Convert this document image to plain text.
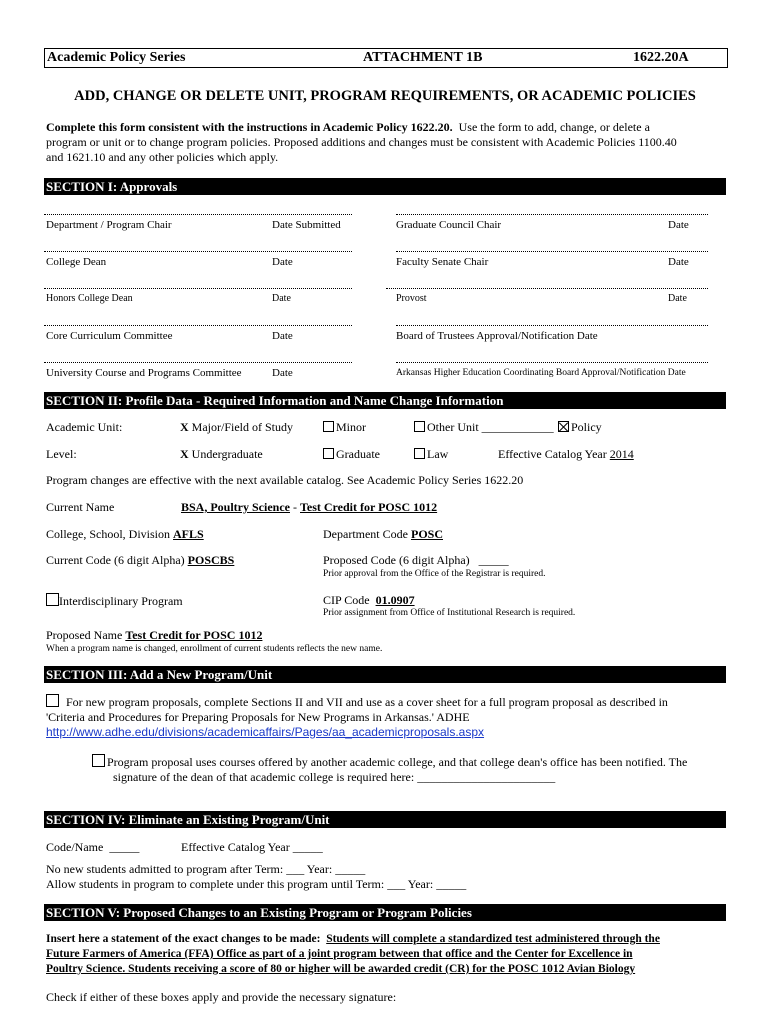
Academic Policy Series	ATTACHMENT 1B	1622.20A
ADD, CHANGE OR DELETE UNIT, PROGRAM REQUIREMENTS, OR ACADEMIC POLICIES
Complete this form consistent with the instructions in Academic Policy 1622.20.  Use the form to add, change, or delete a
program or unit or to change program policies. Proposed additions and changes must be consistent with Academic Policies 1100.40
and 1621.10 and any other policies which apply.
SECTION I: Approvals
Department / Program Chair	Date Submitted	Graduate Council Chair	Date
College Dean	Date	Faculty Senate Chair	Date
Honors College Dean	Date	Provost	Date
Core Curriculum Committee	Date	Board of Trustees Approval/Notification Date
University Course and Programs Committee	Date	Arkansas Higher Education Coordinating Board Approval/Notification Date
SECTION II: Profile Data - Required Information and Name Change Information
Academic Unit:	X Major/Field of Study	Minor	Other Unit ____________	Policy
Level:	X Undergraduate	Graduate	Law	Effective Catalog Year 2014
Program changes are effective with the next available catalog. See Academic Policy Series 1622.20
Current Name	BSA, Poultry Science - Test Credit for POSC 1012
College, School, Division AFLS	Department Code POSC
Current Code (6 digit Alpha) POSCBS	Proposed Code (6 digit Alpha) _____
Prior approval from the Office of the Registrar is required.
Interdisciplinary Program	CIP Code 01.0907
Prior assignment from Office of Institutional Research is required.
Proposed Name Test Credit for POSC 1012
When a program name is changed, enrollment of current students reflects the new name.
SECTION III: Add a New Program/Unit
For new program proposals, complete Sections II and VII and use as a cover sheet for a full program proposal as described in
'Criteria and Procedures for Preparing Proposals for New Programs in Arkansas.' ADHE
http://www.adhe.edu/divisions/academicaffairs/Pages/aa_academicproposals.aspx
Program proposal uses courses offered by another academic college, and that college dean's office has been notified. The
signature of the dean of that academic college is required here: _______________________
SECTION IV: Eliminate an Existing Program/Unit
Code/Name _____	Effective Catalog Year _____
No new students admitted to program after Term: ___ Year: _____
Allow students in program to complete under this program until Term: ___ Year: _____
SECTION V: Proposed Changes to an Existing Program or Program Policies
Insert here a statement of the exact changes to be made: Students will complete a standardized test administered through the
Future Farmers of America (FFA) Office as part of a joint program between that office and the Center for Excellence in
Poultry Science. Students receiving a score of 80 or higher will be awarded credit (CR) for the POSC 1012 Avian Biology
Check if either of these boxes apply and provide the necessary signature:
